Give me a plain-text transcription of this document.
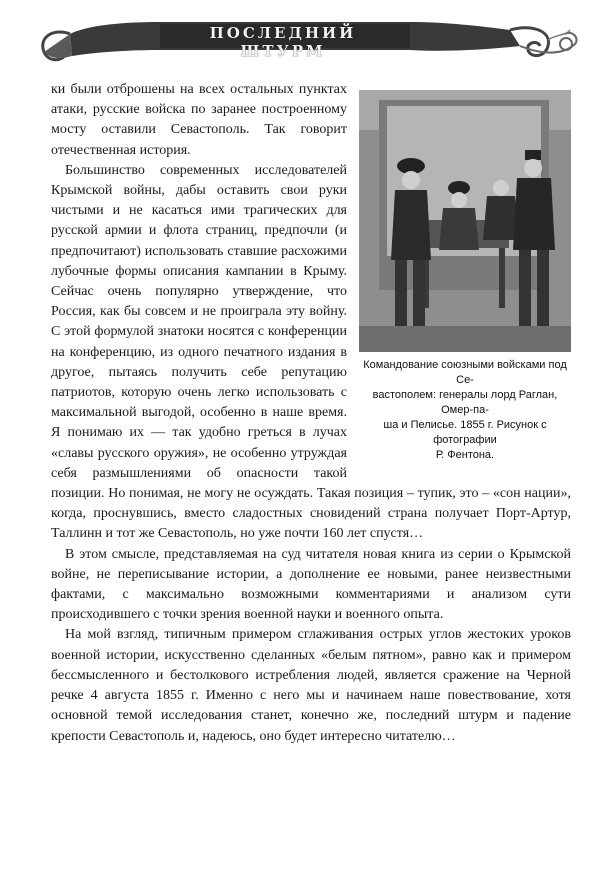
ПОСЛЕДНИЙ ШТУРМ
Командование союзными войсками под Се-
вастополем: генералы лорд Раглан, Омер-па-
ша и Пелисье. 1855 г. Рисунок с фотографии
Р. Фентона.

ки были отброшены на всех остальных пунктах атаки, русские войска по заранее построенному мосту оставили Севастополь. Так говорит отечественная история.

Большинство современных исследователей Крымской войны, дабы оставить свои руки чистыми и не касаться ими трагических для русской армии и флота страниц, предпочли (и предпочитают) использовать ставшие расхожими лубочные формы описания кампании в Крыму. Сейчас очень популярно утверждение, что Россия, как бы совсем и не проиграла эту войну. С этой формулой знатоки носятся с конференции на конференцию, из одного печатного издания в другое, пытаясь получить себе репутацию патриотов, которую очень легко использовать с максимальной выгодой, особенно в наше время. Я понимаю их — так удобно греться в лучах «славы русского оружия», не особенно утруждая себя размышлениями об опасности такой позиции. Но понимая, не могу не осуждать. Такая позиция – тупик, это – «сон нации», когда, проснувшись, вместо сладостных сновидений страна получает Порт-Артур, Таллинн и тот же Севастополь, но уже почти 160 лет спустя…

В этом смысле, представляемая на суд читателя новая книга из серии о Крымской войне, не переписывание истории, а дополнение ее новыми, ранее неизвестными фактами, с максимально возможными комментариями и анализом сути происходившего с точки зрения военной науки и военного опыта.

На мой взгляд, типичным примером сглаживания острых углов жестоких уроков военной истории, искусственно сделанных «белым пятном», равно как и примером бессмысленного и бестолкового истребления людей, является сражение на Черной речке 4 августа 1855 г. Именно с него мы и начинаем наше повествование, хотя основной темой исследования станет, конечно же, последний штурм и падение крепости Севастополь и, надеюсь, оно будет интересно читателю…
